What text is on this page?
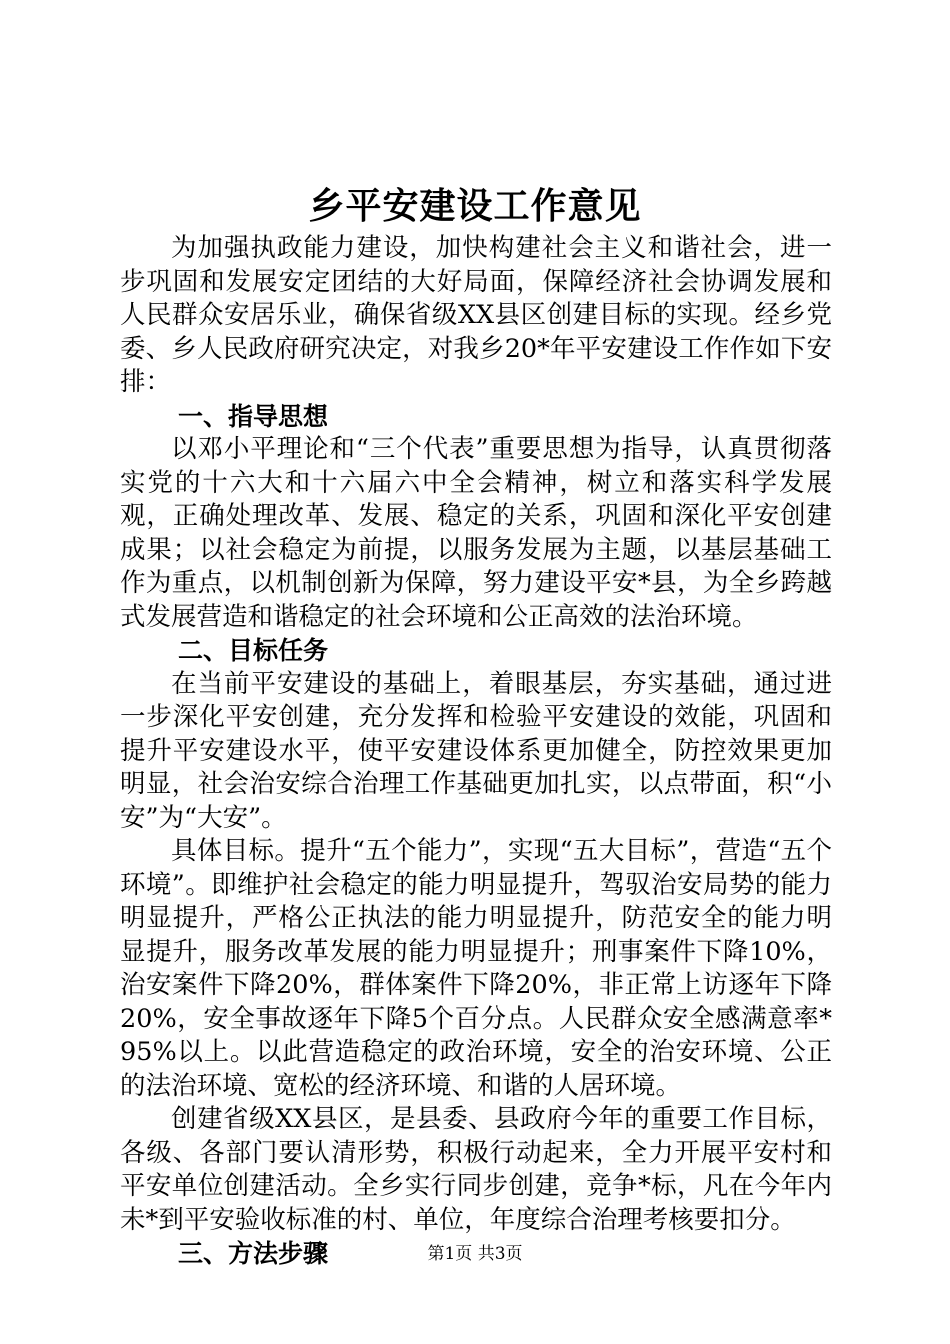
乡平安建设工作意见

为加强执政能力建设，加快构建社会主义和谐社会，进一步巩固和发展安定团结的大好局面，保障经济社会协调发展和人民群众安居乐业，确保省级XX县区创建目标的实现。经乡党委、乡人民政府研究决定，对我乡20*年平安建设工作作如下安排：

一、指导思想

以邓小平理论和“三个代表”重要思想为指导，认真贯彻落实党的十六大和十六届六中全会精神，树立和落实科学发展观，正确处理改革、发展、稳定的关系，巩固和深化平安创建成果；以社会稳定为前提，以服务发展为主题，以基层基础工作为重点，以机制创新为保障，努力建设平安*县，为全乡跨越式发展营造和谐稳定的社会环境和公正高效的法治环境。

二、目标任务

在当前平安建设的基础上，着眼基层，夯实基础，通过进一步深化平安创建，充分发挥和检验平安建设的效能，巩固和提升平安建设水平，使平安建设体系更加健全，防控效果更加明显，社会治安综合治理工作基础更加扎实，以点带面，积“小安”为“大安”。

具体目标。提升“五个能力”，实现“五大目标”，营造“五个环境”。即维护社会稳定的能力明显提升，驾驭治安局势的能力明显提升，严格公正执法的能力明显提升，防范安全的能力明显提升，服务改革发展的能力明显提升；刑事案件下降10%，治安案件下降20%，群体案件下降20%，非正常上访逐年下降20%，安全事故逐年下降5个百分点。人民群众安全感满意率*95%以上。以此营造稳定的政治环境，安全的治安环境、公正的法治环境、宽松的经济环境、和谐的人居环境。

创建省级XX县区，是县委、县政府今年的重要工作目标，各级、各部门要认清形势，积极行动起来，全力开展平安村和平安单位创建活动。全乡实行同步创建，竞争*标，凡在今年内未*到平安验收标准的村、单位，年度综合治理考核要扣分。

三、方法步骤	第1页 共3页
